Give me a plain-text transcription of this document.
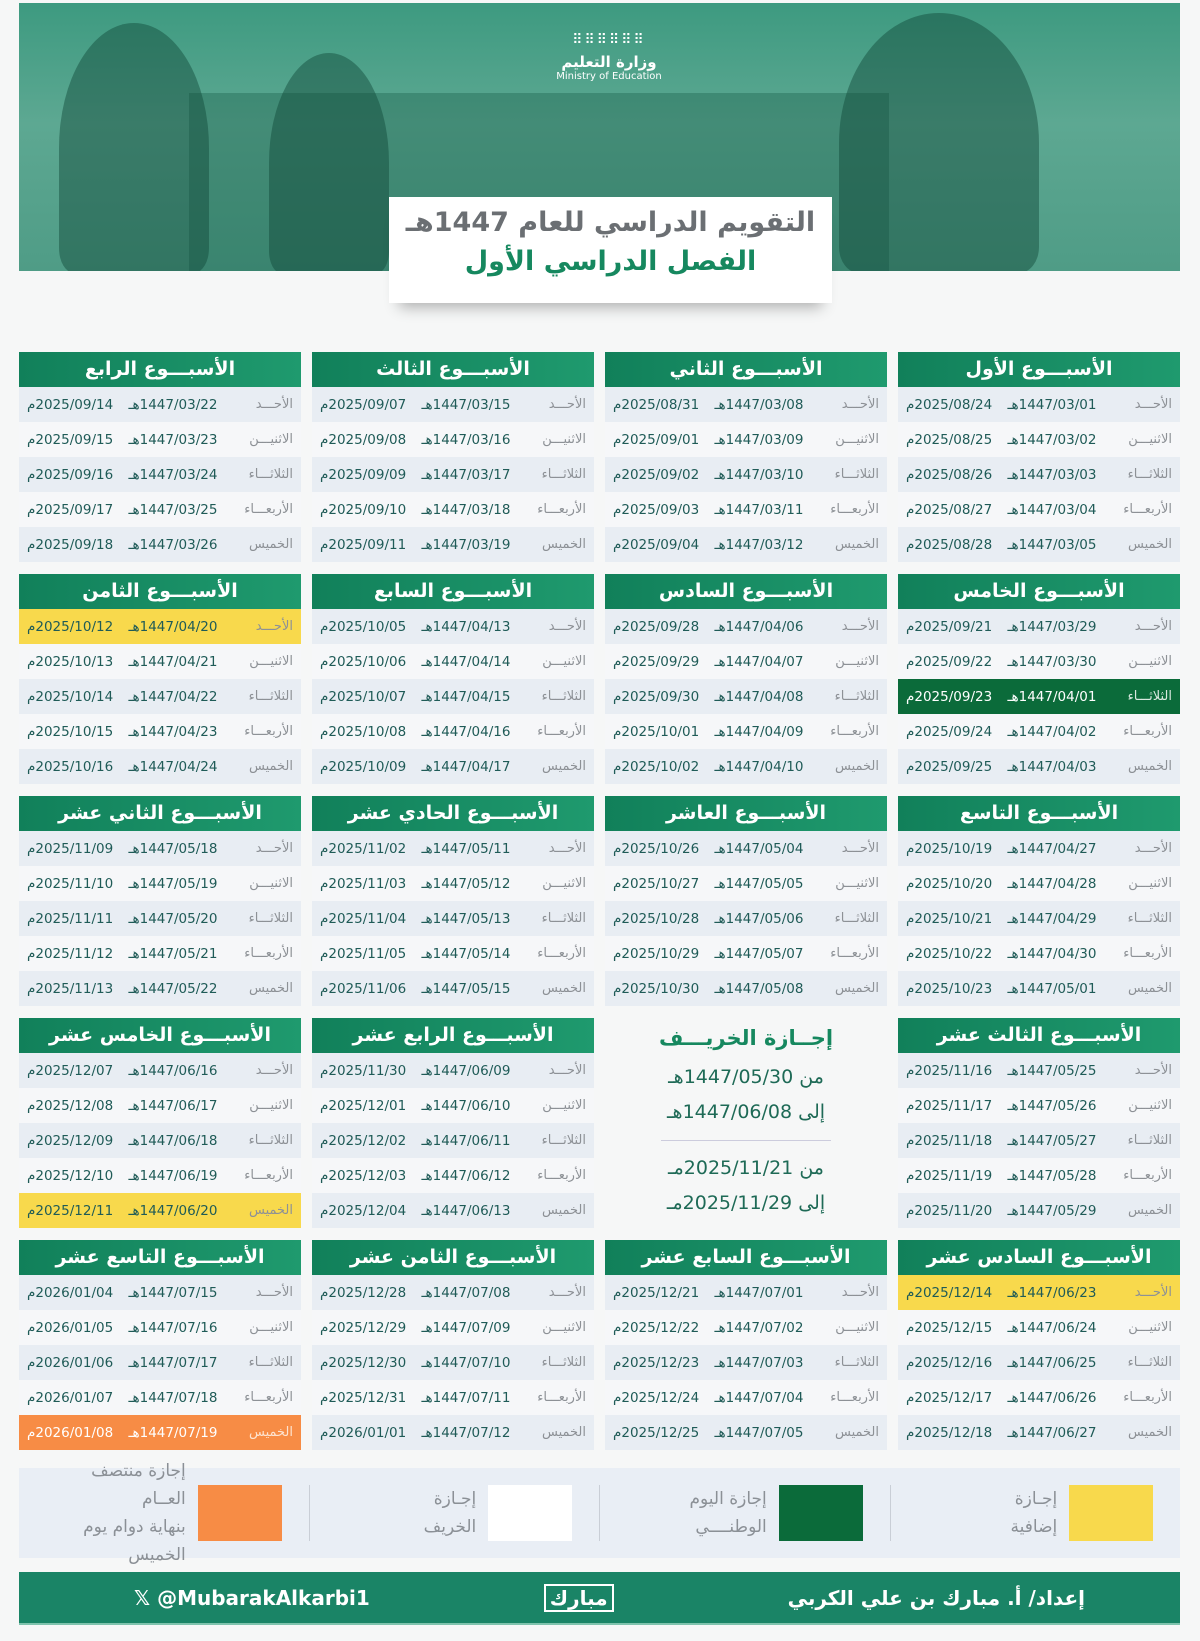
⠿⠿⠿⠿⠿⠿
وزارة التعليم
Ministry of Education
التقويم الدراسي للعام 1447هـ
الفصل الدراسي الأول
الأسبـــوع الأول
الأحـــد
1447/03/01هـ
2025/08/24م
الاثنيـــن
1447/03/02هـ
2025/08/25م
الثلاثـــاء
1447/03/03هـ
2025/08/26م
الأربعـــاء
1447/03/04هـ
2025/08/27م
الخميس
1447/03/05هـ
2025/08/28م
الأسبـــوع الثاني
الأحـــد
1447/03/08هـ
2025/08/31م
الاثنيـــن
1447/03/09هـ
2025/09/01م
الثلاثـــاء
1447/03/10هـ
2025/09/02م
الأربعـــاء
1447/03/11هـ
2025/09/03م
الخميس
1447/03/12هـ
2025/09/04م
الأسبـــوع الثالث
الأحـــد
1447/03/15هـ
2025/09/07م
الاثنيـــن
1447/03/16هـ
2025/09/08م
الثلاثـــاء
1447/03/17هـ
2025/09/09م
الأربعـــاء
1447/03/18هـ
2025/09/10م
الخميس
1447/03/19هـ
2025/09/11م
الأسبـــوع الرابع
الأحـــد
1447/03/22هـ
2025/09/14م
الاثنيـــن
1447/03/23هـ
2025/09/15م
الثلاثـــاء
1447/03/24هـ
2025/09/16م
الأربعـــاء
1447/03/25هـ
2025/09/17م
الخميس
1447/03/26هـ
2025/09/18م
الأسبـــوع الخامس
الأحـــد
1447/03/29هـ
2025/09/21م
الاثنيـــن
1447/03/30هـ
2025/09/22م
الثلاثـــاء
1447/04/01هـ
2025/09/23م
الأربعـــاء
1447/04/02هـ
2025/09/24م
الخميس
1447/04/03هـ
2025/09/25م
الأسبـــوع السادس
الأحـــد
1447/04/06هـ
2025/09/28م
الاثنيـــن
1447/04/07هـ
2025/09/29م
الثلاثـــاء
1447/04/08هـ
2025/09/30م
الأربعـــاء
1447/04/09هـ
2025/10/01م
الخميس
1447/04/10هـ
2025/10/02م
الأسبـــوع السابع
الأحـــد
1447/04/13هـ
2025/10/05م
الاثنيـــن
1447/04/14هـ
2025/10/06م
الثلاثـــاء
1447/04/15هـ
2025/10/07م
الأربعـــاء
1447/04/16هـ
2025/10/08م
الخميس
1447/04/17هـ
2025/10/09م
الأسبـــوع الثامن
الأحـــد
1447/04/20هـ
2025/10/12م
الاثنيـــن
1447/04/21هـ
2025/10/13م
الثلاثـــاء
1447/04/22هـ
2025/10/14م
الأربعـــاء
1447/04/23هـ
2025/10/15م
الخميس
1447/04/24هـ
2025/10/16م
الأسبـــوع التاسع
الأحـــد
1447/04/27هـ
2025/10/19م
الاثنيـــن
1447/04/28هـ
2025/10/20م
الثلاثـــاء
1447/04/29هـ
2025/10/21م
الأربعـــاء
1447/04/30هـ
2025/10/22م
الخميس
1447/05/01هـ
2025/10/23م
الأسبـــوع العاشر
الأحـــد
1447/05/04هـ
2025/10/26م
الاثنيـــن
1447/05/05هـ
2025/10/27م
الثلاثـــاء
1447/05/06هـ
2025/10/28م
الأربعـــاء
1447/05/07هـ
2025/10/29م
الخميس
1447/05/08هـ
2025/10/30م
الأسبـــوع الحادي عشر
الأحـــد
1447/05/11هـ
2025/11/02م
الاثنيـــن
1447/05/12هـ
2025/11/03م
الثلاثـــاء
1447/05/13هـ
2025/11/04م
الأربعـــاء
1447/05/14هـ
2025/11/05م
الخميس
1447/05/15هـ
2025/11/06م
الأسبـــوع الثاني عشر
الأحـــد
1447/05/18هـ
2025/11/09م
الاثنيـــن
1447/05/19هـ
2025/11/10م
الثلاثـــاء
1447/05/20هـ
2025/11/11م
الأربعـــاء
1447/05/21هـ
2025/11/12م
الخميس
1447/05/22هـ
2025/11/13م
الأسبـــوع الثالث عشر
الأحـــد
1447/05/25هـ
2025/11/16م
الاثنيـــن
1447/05/26هـ
2025/11/17م
الثلاثـــاء
1447/05/27هـ
2025/11/18م
الأربعـــاء
1447/05/28هـ
2025/11/19م
الخميس
1447/05/29هـ
2025/11/20م
إجــازة الخريـــف
من 1447/05/30هـ
إلى 1447/06/08هـ
من 2025/11/21مـ
إلى 2025/11/29مـ
الأسبـــوع الرابع عشر
الأحـــد
1447/06/09هـ
2025/11/30م
الاثنيـــن
1447/06/10هـ
2025/12/01م
الثلاثـــاء
1447/06/11هـ
2025/12/02م
الأربعـــاء
1447/06/12هـ
2025/12/03م
الخميس
1447/06/13هـ
2025/12/04م
الأسبـــوع الخامس عشر
الأحـــد
1447/06/16هـ
2025/12/07م
الاثنيـــن
1447/06/17هـ
2025/12/08م
الثلاثـــاء
1447/06/18هـ
2025/12/09م
الأربعـــاء
1447/06/19هـ
2025/12/10م
الخميس
1447/06/20هـ
2025/12/11م
الأسبـــوع السادس عشر
الأحـــد
1447/06/23هـ
2025/12/14م
الاثنيـــن
1447/06/24هـ
2025/12/15م
الثلاثـــاء
1447/06/25هـ
2025/12/16م
الأربعـــاء
1447/06/26هـ
2025/12/17م
الخميس
1447/06/27هـ
2025/12/18م
الأسبـــوع السابع عشر
الأحـــد
1447/07/01هـ
2025/12/21م
الاثنيـــن
1447/07/02هـ
2025/12/22م
الثلاثـــاء
1447/07/03هـ
2025/12/23م
الأربعـــاء
1447/07/04هـ
2025/12/24م
الخميس
1447/07/05هـ
2025/12/25م
الأسبـــوع الثامن عشر
الأحـــد
1447/07/08هـ
2025/12/28م
الاثنيـــن
1447/07/09هـ
2025/12/29م
الثلاثـــاء
1447/07/10هـ
2025/12/30م
الأربعـــاء
1447/07/11هـ
2025/12/31م
الخميس
1447/07/12هـ
2026/01/01م
الأسبـــوع التاسع عشر
الأحـــد
1447/07/15هـ
2026/01/04م
الاثنيـــن
1447/07/16هـ
2026/01/05م
الثلاثـــاء
1447/07/17هـ
2026/01/06م
الأربعـــاء
1447/07/18هـ
2026/01/07م
الخميس
1447/07/19هـ
2026/01/08م
إجـازة
إضافية
إجازة اليوم
الوطنــــي
إجـازة
الخريف
إجازة منتصف العــام
بنهاية دوام يوم الخميس
إعداد/ أ. مبارك بن علي الكربي
مبارك
𝕏 @MubarakAlkarbi1
